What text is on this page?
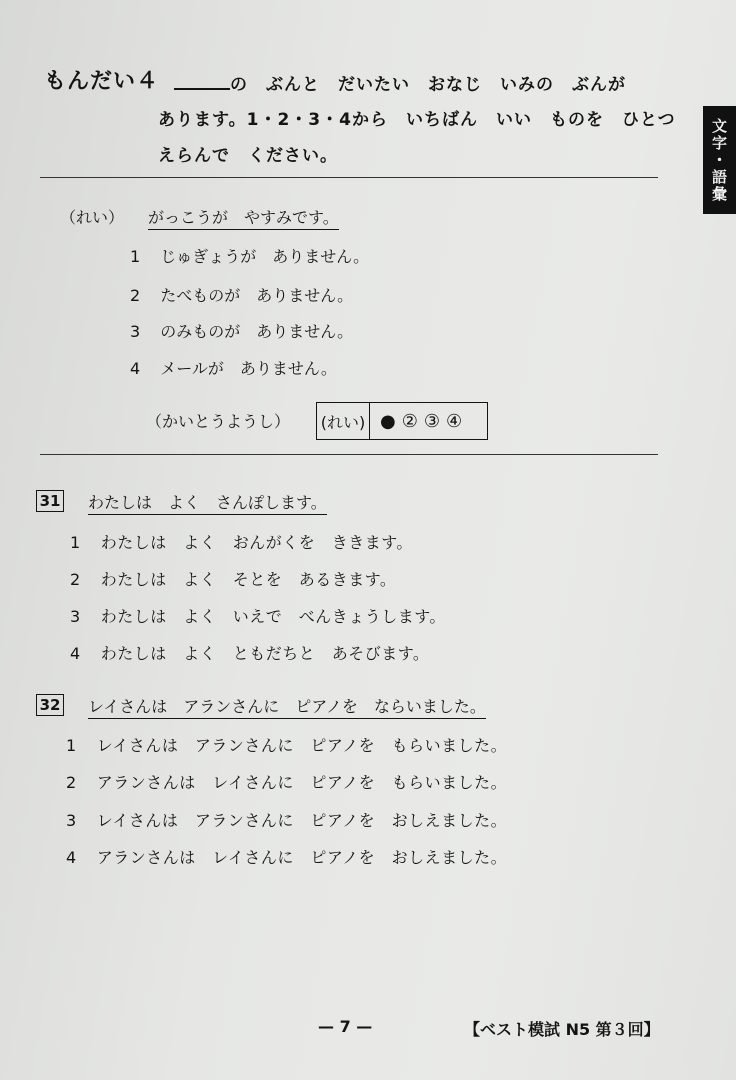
文字・語彙
もんだい４	の　ぶんと　だいたい　おなじ　いみの　ぶんが
あります。1・2・3・4から　いちばん　いい　ものを　ひとつ
えらんで　ください。
（れい） がっこうが　やすみです。
1 じゅぎょうが　ありません。
2 たべものが　ありません。
3 のみものが　ありません。
4 メールが　ありません。
（かいとうようし） (れい) ● ② ③ ④
31 わたしは　よく　さんぽします。
1 わたしは　よく　おんがくを　ききます。
2 わたしは　よく　そとを　あるきます。
3 わたしは　よく　いえで　べんきょうします。
4 わたしは　よく　ともだちと　あそびます。
32 レイさんは　アランさんに　ピアノを　ならいました。
1 レイさんは　アランさんに　ピアノを　もらいました。
2 アランさんは　レイさんに　ピアノを　もらいました。
3 レイさんは　アランさんに　ピアノを　おしえました。
4 アランさんは　レイさんに　ピアノを　おしえました。
— 7 —	【ベスト模試 N5 第３回】
